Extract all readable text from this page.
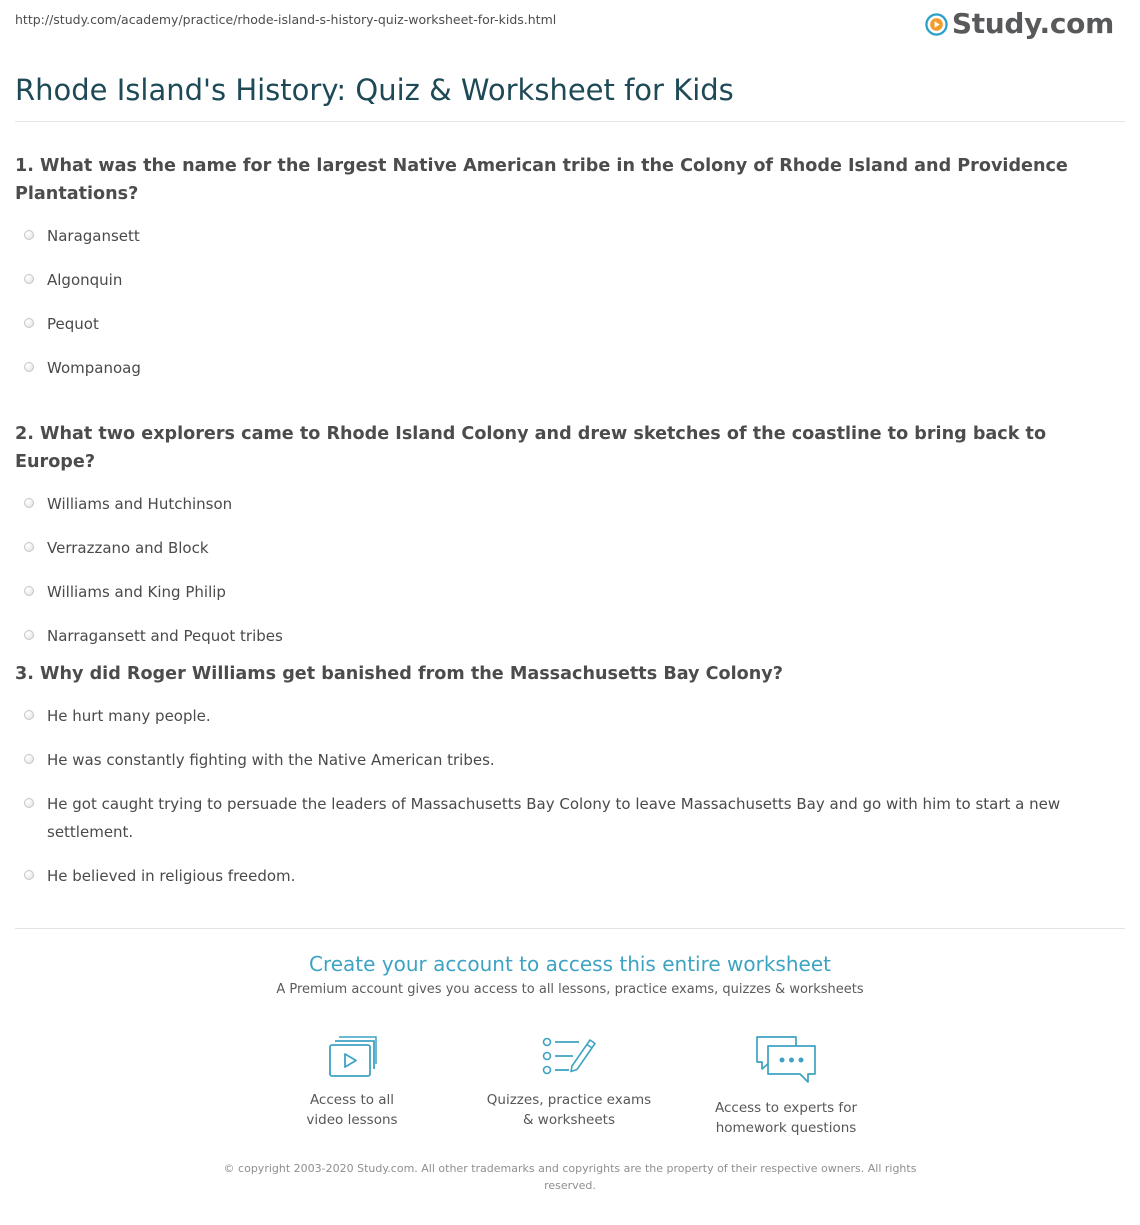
http://study.com/academy/practice/rhode-island-s-history-quiz-worksheet-for-kids.html	Study.com
Rhode Island's History: Quiz & Worksheet for Kids

1. What was the name for the largest Native American tribe in the Colony of Rhode Island and Providence Plantations?

Naragansett
Algonquin
Pequot
Wompanoag

2. What two explorers came to Rhode Island Colony and drew sketches of the coastline to bring back to Europe?

Williams and Hutchinson
Verrazzano and Block
Williams and King Philip
Narragansett and Pequot tribes

3. Why did Roger Williams get banished from the Massachusetts Bay Colony?

He hurt many people.
He was constantly fighting with the Native American tribes.
He got caught trying to persuade the leaders of Massachusetts Bay Colony to leave Massachusetts Bay and go with him to start a new settlement.
He believed in religious freedom.
Create your account to access this entire worksheet
A Premium account gives you access to all lessons, practice exams, quizzes & worksheets
Access to all
video lessons
Quizzes, practice exams
& worksheets
Access to experts for
homework questions
© copyright 2003-2020 Study.com. All other trademarks and copyrights are the property of their respective owners. All rights reserved.
